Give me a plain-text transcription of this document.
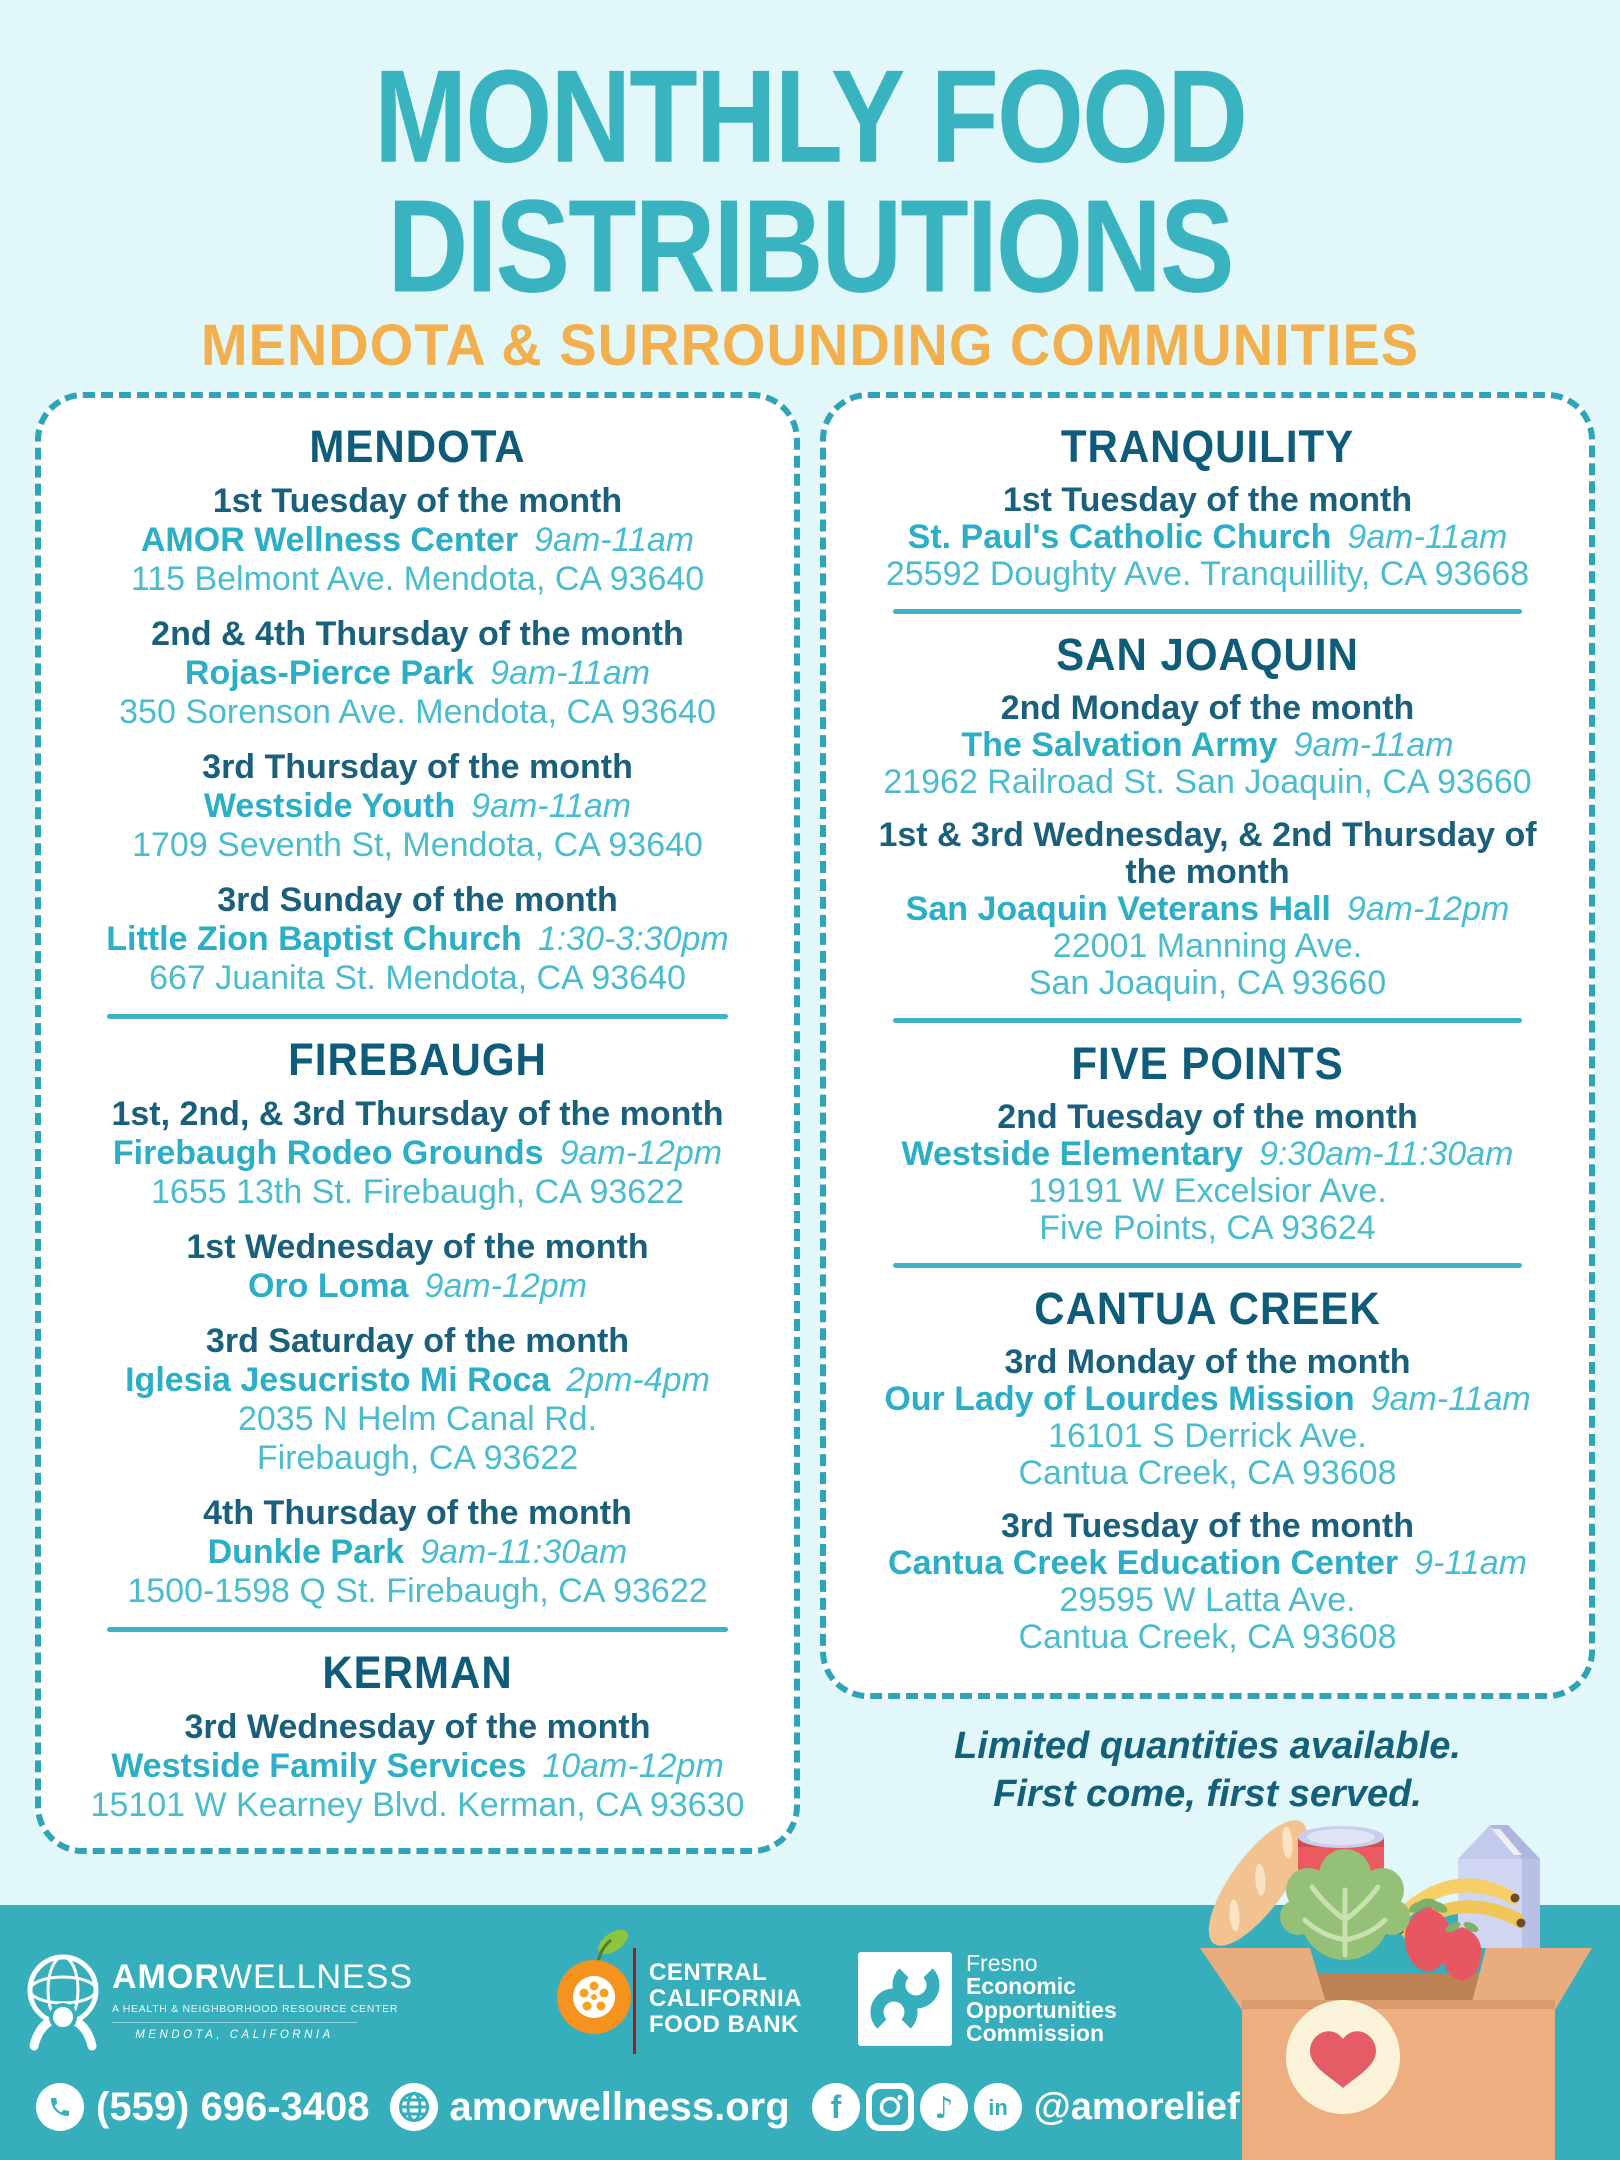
MONTHLY FOOD
DISTRIBUTIONS
MENDOTA & SURROUNDING COMMUNITIES
MENDOTA
1st Tuesday of the month
AMOR Wellness Center 9am-11am
115 Belmont Ave. Mendota, CA 93640
2nd & 4th Thursday of the month
Rojas-Pierce Park 9am-11am
350 Sorenson Ave. Mendota, CA 93640
3rd Thursday of the month
Westside Youth 9am-11am
1709 Seventh St, Mendota, CA 93640
3rd Sunday of the month
Little Zion Baptist Church 1:30-3:30pm
667 Juanita St. Mendota, CA 93640
FIREBAUGH
1st, 2nd, & 3rd Thursday of the month
Firebaugh Rodeo Grounds 9am-12pm
1655 13th St. Firebaugh, CA 93622
1st Wednesday of the month
Oro Loma 9am-12pm
3rd Saturday of the month
Iglesia Jesucristo Mi Roca 2pm-4pm
2035 N Helm Canal Rd.
Firebaugh, CA 93622
4th Thursday of the month
Dunkle Park 9am-11:30am
1500-1598 Q St. Firebaugh, CA 93622
KERMAN
3rd Wednesday of the month
Westside Family Services 10am-12pm
15101 W Kearney Blvd. Kerman, CA 93630
TRANQUILITY
1st Tuesday of the month
St. Paul's Catholic Church 9am-11am
25592 Doughty Ave. Tranquillity, CA 93668
SAN JOAQUIN
2nd Monday of the month
The Salvation Army 9am-11am
21962 Railroad St. San Joaquin, CA 93660
1st & 3rd Wednesday, & 2nd Thursday of the month
San Joaquin Veterans Hall 9am-12pm
22001 Manning Ave.
San Joaquin, CA 93660
FIVE POINTS
2nd Tuesday of the month
Westside Elementary 9:30am-11:30am
19191 W Excelsior Ave.
Five Points, CA 93624
CANTUA CREEK
3rd Monday of the month
Our Lady of Lourdes Mission 9am-11am
16101 S Derrick Ave.
Cantua Creek, CA 93608
3rd Tuesday of the month
Cantua Creek Education Center 9-11am
29595 W Latta Ave.
Cantua Creek, CA 93608
Limited quantities available.
First come, first served.
AMORWELLNESS
A HEALTH & NEIGHBORHOOD RESOURCE CENTER
MENDOTA, CALIFORNIA
CENTRAL
CALIFORNIA
FOOD BANK
Fresno
Economic
Opportunities
Commission
(559) 696-3408 amorwellness.org f	♪ in @amorelief
